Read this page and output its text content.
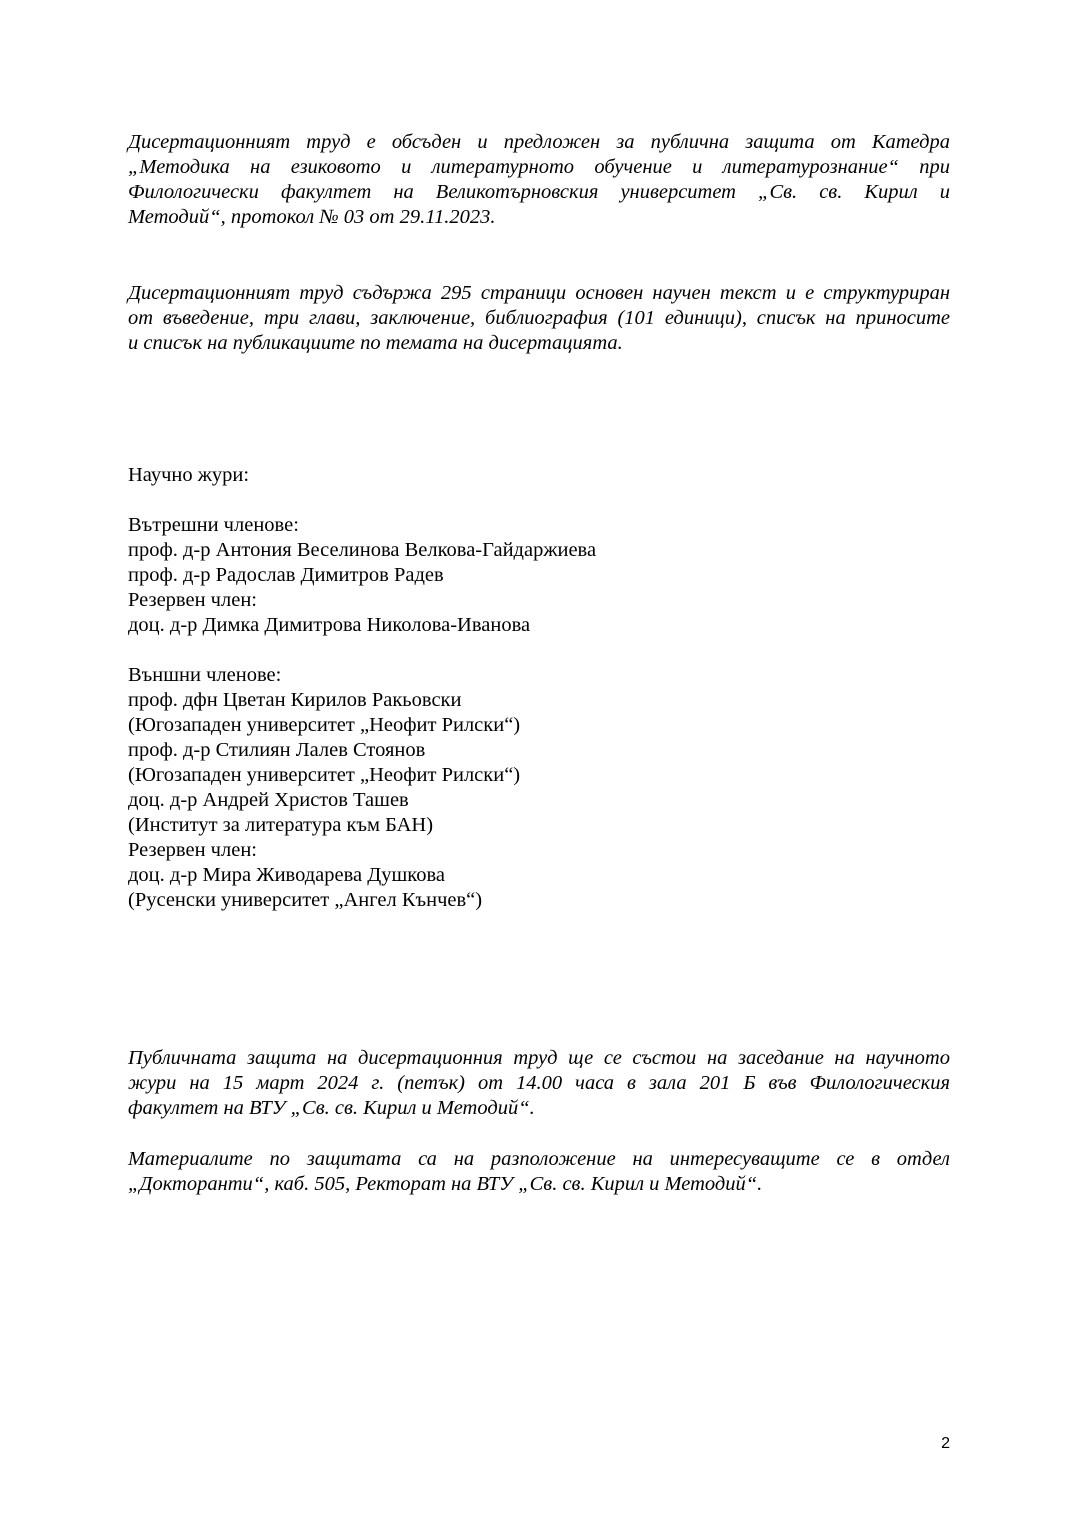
Дисертационният труд е обсъден и предложен за публична защита от Катедра
„Методика на езиковото и литературното обучение и литературознание“ при
Филологически факултет на Великотърновския университет „Св. св. Кирил и
Методий“, протокол № 03 от 29.11.2023.

Дисертационният труд съдържа 295 страници основен научен текст и е структуриран
от въведение, три глави, заключение, библиография (101 единици), списък на приносите
и списък на публикациите по темата на дисертацията.

Научно жури:
Вътрешни членове:
проф. д-р Антония Веселинова Велкова-Гайдаржиева
проф. д-р Радослав Димитров Радев
Резервен член:
доц. д-р Димка Димитрова Николова-Иванова
Външни членове:
проф. дфн Цветан Кирилов Ракьовски
(Югозападен университет „Неофит Рилски“)
проф. д-р Стилиян Лалев Стоянов
(Югозападен университет „Неофит Рилски“)
доц. д-р Андрей Христов Ташев
(Институт за литература към БАН)
Резервен член:
доц. д-р Мира Живодарева Душкова
(Русенски университет „Ангел Кънчев“)

Публичната защита на дисертационния труд ще се състои на заседание на научното
жури на 15 март 2024 г. (петък) от 14.00 часа в зала 201 Б във Филологическия
факултет на ВТУ „Св. св. Кирил и Методий“.

Материалите по защитата са на разположение на интересуващите се в отдел
„Докторанти“, каб. 505, Ректорат на ВТУ „Св. св. Кирил и Методий“.

2
